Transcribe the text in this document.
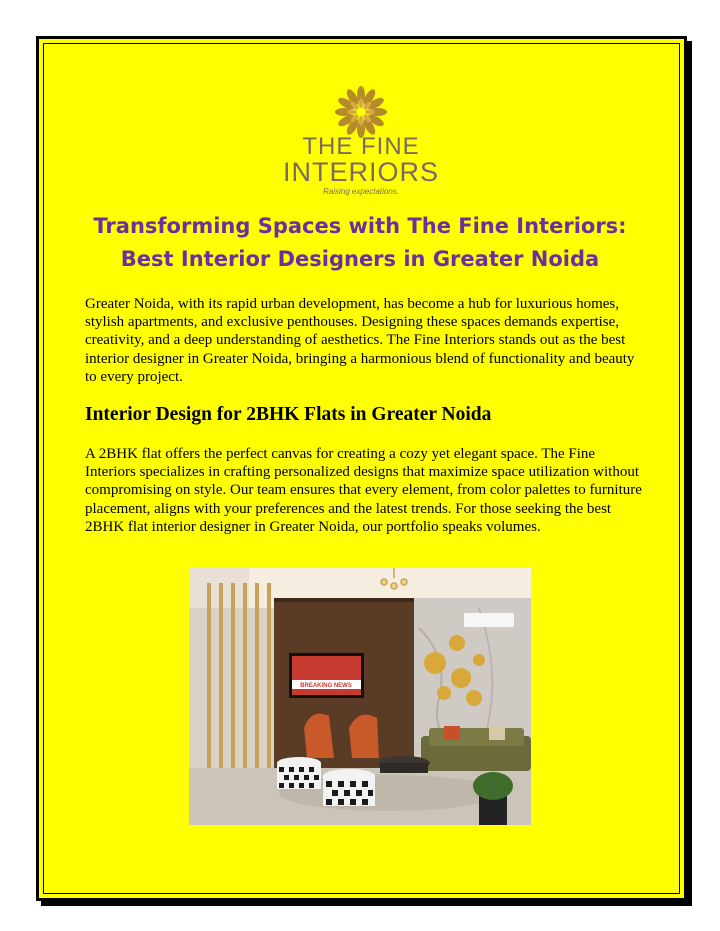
THE FINE
INTERIORS
Raising expectations.
Transforming Spaces with The Fine Interiors: Best Interior Designers in Greater Noida

Greater Noida, with its rapid urban development, has become a hub for luxurious homes, stylish apartments, and exclusive penthouses. Designing these spaces demands expertise, creativity, and a deep understanding of aesthetics. The Fine Interiors stands out as the best interior designer in Greater Noida, bringing a harmonious blend of functionality and beauty to every project.

Interior Design for 2BHK Flats in Greater Noida

A 2BHK flat offers the perfect canvas for creating a cozy yet elegant space. The Fine Interiors specializes in crafting personalized designs that maximize space utilization without compromising on style. Our team ensures that every element, from color palettes to furniture placement, aligns with your preferences and the latest trends. For those seeking the best 2BHK flat interior designer in Greater Noida, our portfolio speaks volumes.

BREAKING NEWS
